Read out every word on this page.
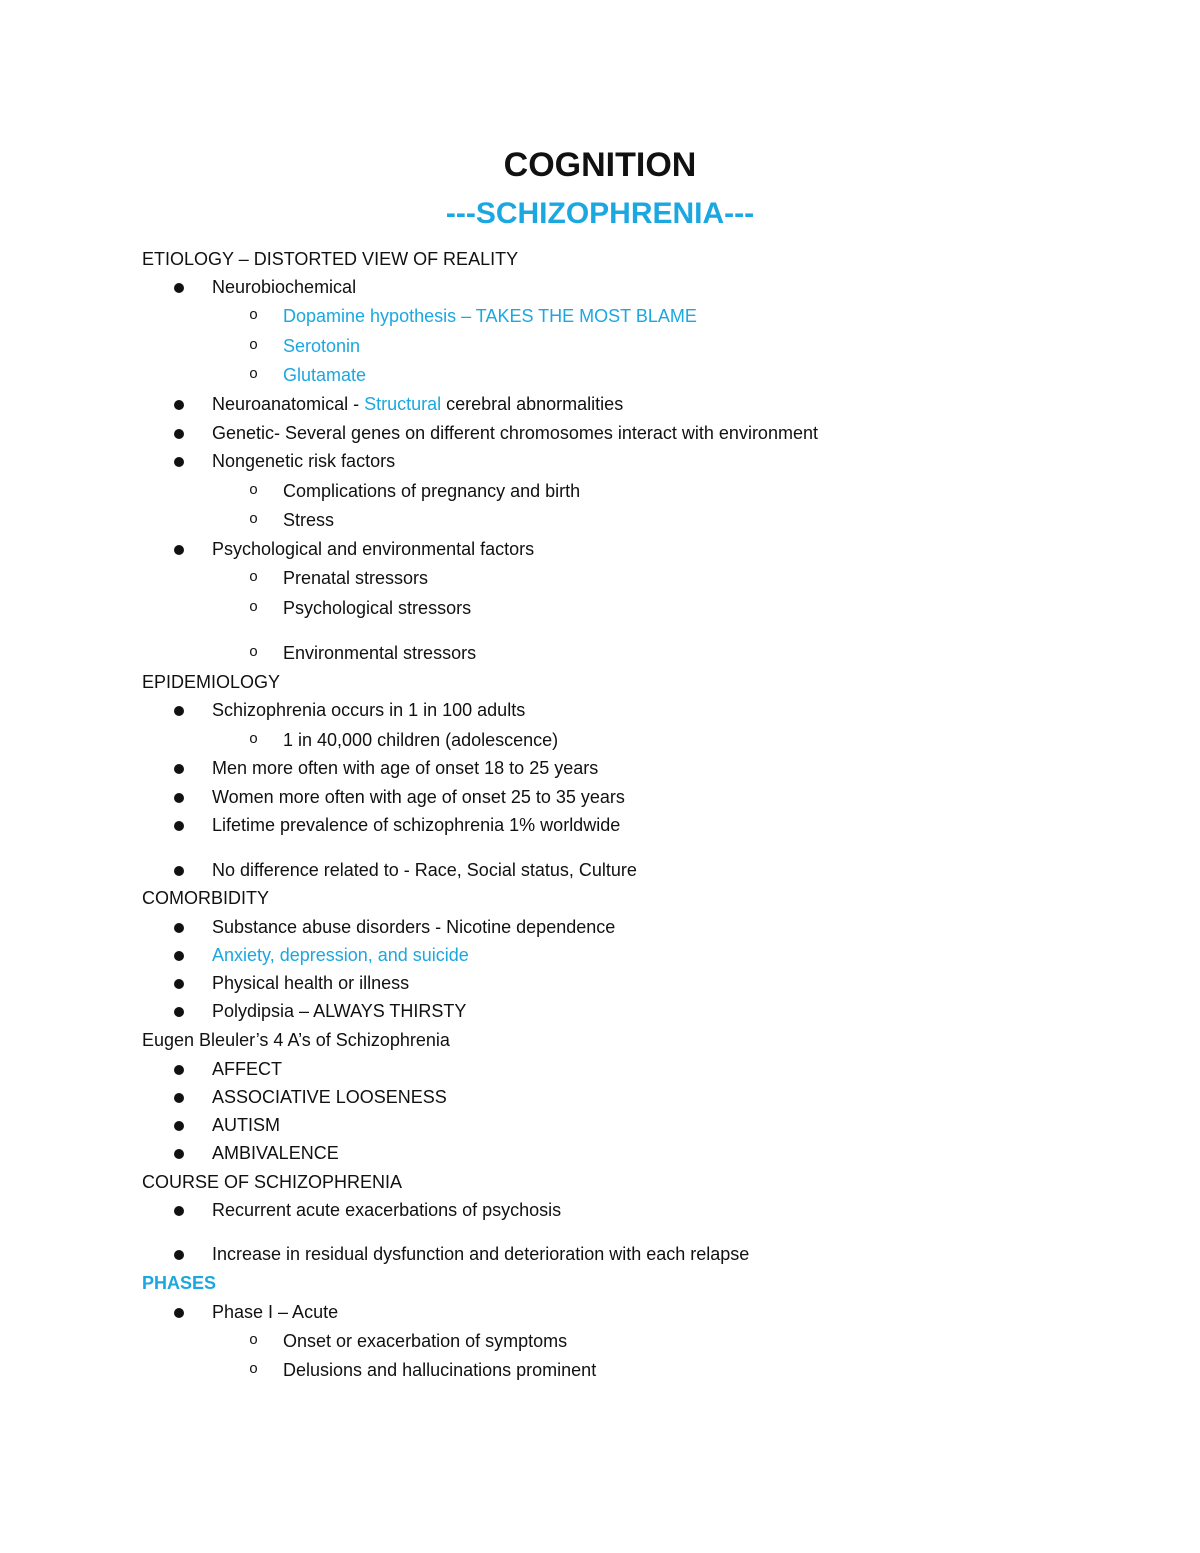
COGNITION
---SCHIZOPHRENIA---
ETIOLOGY – DISTORTED VIEW OF REALITY
Neurobiochemical
o Dopamine hypothesis – TAKES THE MOST BLAME
o Serotonin
o Glutamate
Neuroanatomical - Structural cerebral abnormalities
Genetic- Several genes on different chromosomes interact with environment
Nongenetic risk factors
o Complications of pregnancy and birth
o Stress
Psychological and environmental factors
o Prenatal stressors
o Psychological stressors
o Environmental stressors
EPIDEMIOLOGY
Schizophrenia occurs in 1 in 100 adults
o 1 in 40,000 children (adolescence)
Men more often with age of onset 18 to 25 years
Women more often with age of onset 25 to 35 years
Lifetime prevalence of schizophrenia 1% worldwide
No difference related to - Race, Social status, Culture
COMORBIDITY
Substance abuse disorders - Nicotine dependence
Anxiety, depression, and suicide
Physical health or illness
Polydipsia – ALWAYS THIRSTY
Eugen Bleuler’s 4 A’s of Schizophrenia
AFFECT
ASSOCIATIVE LOOSENESS
AUTISM
AMBIVALENCE
COURSE OF SCHIZOPHRENIA
Recurrent acute exacerbations of psychosis
Increase in residual dysfunction and deterioration with each relapse
PHASES
Phase I – Acute
o Onset or exacerbation of symptoms
o Delusions and hallucinations prominent
